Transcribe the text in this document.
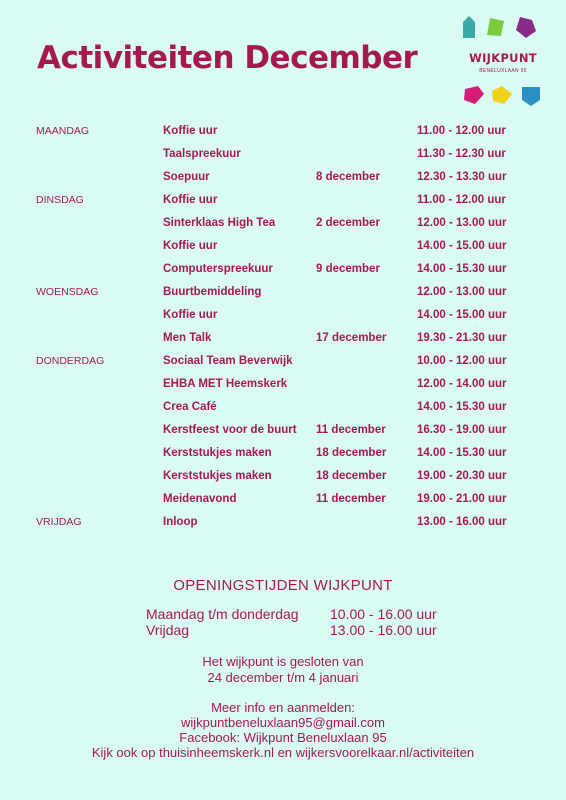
Activiteiten December	WIJKPUNT
BENELUXLAAN 95
MAANDAG	Koffie uur	11.00 - 12.00 uur
Taalspreekuur	11.30 - 12.30 uur
Soepuur	8 december	12.30 - 13.30 uur
DINSDAG	Koffie uur	11.00 - 12.00 uur
Sinterklaas High Tea	2 december	12.00 - 13.00 uur
Koffie uur	14.00 - 15.00 uur
Computerspreekuur	9 december	14.00 - 15.30 uur
WOENSDAG	Buurtbemiddeling	12.00 - 13.00 uur
Koffie uur	14.00 - 15.00 uur
Men Talk	17 december	19.30 - 21.30 uur
DONDERDAG	Sociaal Team Beverwijk	10.00 - 12.00 uur
EHBA MET Heemskerk	12.00 - 14.00 uur
Crea Café	14.00 - 15.30 uur
Kerstfeest voor de buurt 11 december	16.30 - 19.00 uur
Kerststukjes maken	18 december	14.00 - 15.30 uur
Kerststukjes maken	18 december	19.00 - 20.30 uur
Meidenavond	11 december	19.00 - 21.00 uur
VRIJDAG	Inloop	13.00 - 16.00 uur
OPENINGSTIJDEN WIJKPUNT
Maandag t/m donderdag 10.00 - 16.00 uur
Vrijdag	13.00 - 16.00 uur
Het wijkpunt is gesloten van
24 december t/m 4 januari
Meer info en aanmelden:
wijkpuntbeneluxlaan95@gmail.com
Facebook: Wijkpunt Beneluxlaan 95
Kijk ook op thuisinheemskerk.nl en wijkersvoorelkaar.nl/activiteiten
